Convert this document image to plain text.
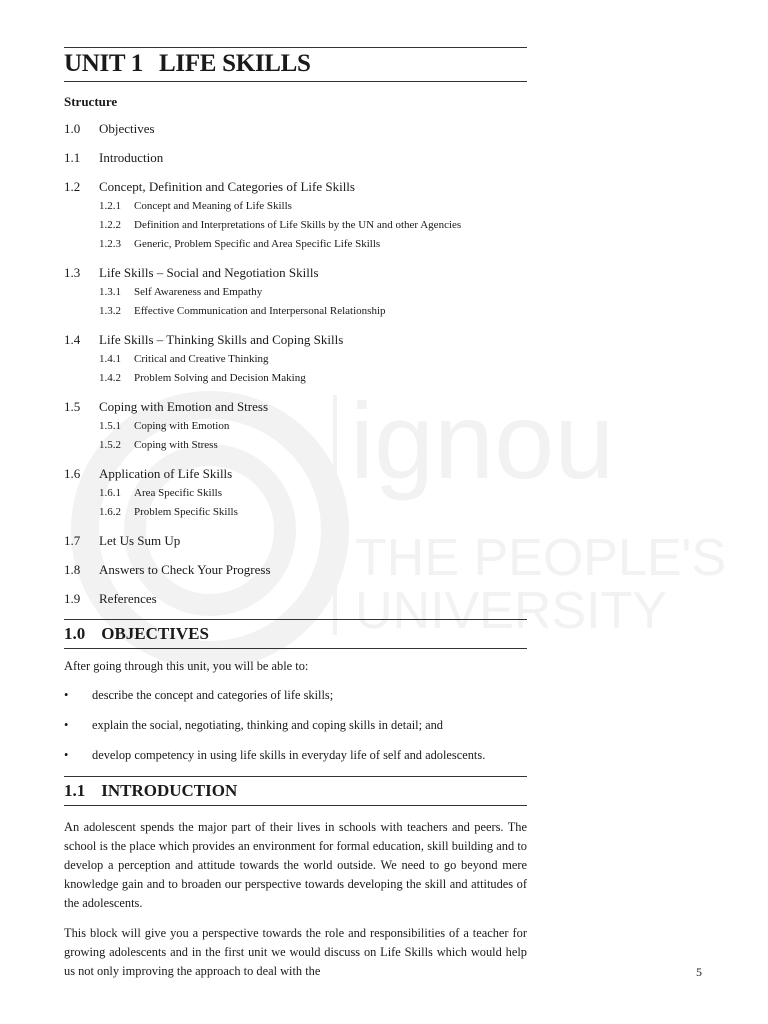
ignou
THE PEOPLE'S
UNIVERSITY
UNIT 1 LIFE SKILLS
Structure
1.0	Objectives
1.1	Introduction
1.2	Concept, Definition and Categories of Life Skills
1.2.1	Concept and Meaning of Life Skills
1.2.2	Definition and Interpretations of Life Skills by the UN and other Agencies
1.2.3	Generic, Problem Specific and Area Specific Life Skills
1.3	Life Skills – Social and Negotiation Skills
1.3.1	Self Awareness and Empathy
1.3.2	Effective Communication and Interpersonal Relationship
1.4	Life Skills – Thinking Skills and Coping Skills
1.4.1	Critical and Creative Thinking
1.4.2	Problem Solving and Decision Making
1.5	Coping with Emotion and Stress
1.5.1	Coping with Emotion
1.5.2	Coping with Stress
1.6	Application of Life Skills
1.6.1	Area Specific Skills
1.6.2	Problem Specific Skills
1.7	Let Us Sum Up
1.8	Answers to Check Your Progress
1.9	References
1.0 OBJECTIVES

After going through this unit, you will be able to:

•	describe the concept and categories of life skills;
•	explain the social, negotiating, thinking and coping skills in detail; and
•	develop competency in using life skills in everyday life of self and adolescents.
1.1 INTRODUCTION

An adolescent spends the major part of their lives in schools with teachers and peers. The school is the place which provides an environment for formal education, skill building and to develop a perception and attitude towards the world outside. We need to go beyond mere knowledge gain and to broaden our perspective towards developing the skill and attitudes of the adolescents.

This block will give you a perspective towards the role and responsibilities of a teacher for growing adolescents and in the first unit we would discuss on Life Skills which would help us not only improving the approach to deal with the	5
